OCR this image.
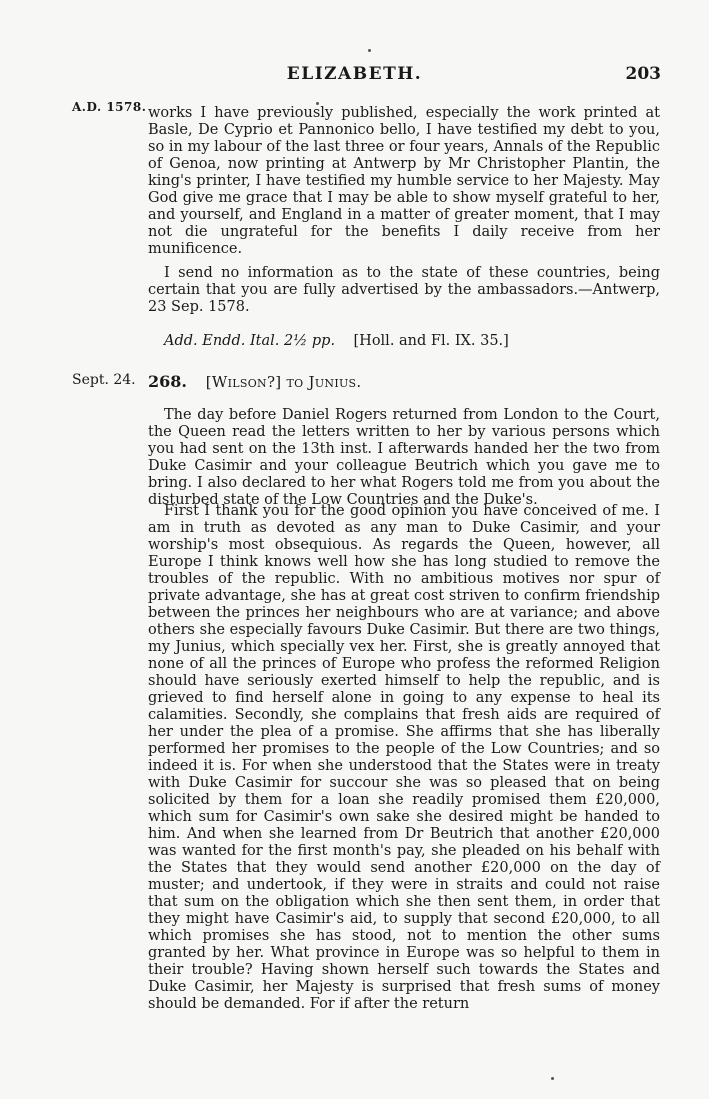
ELIZABETH.	203
A.D. 1578. works I have previously published, especially the work printed at Basle, De Cyprio et Pannonico bello, I have testified my debt to you, so in my labour of the last three or four years, Annals of the Republic of Genoa, now printing at Antwerp by Mr Christopher Plantin, the king's printer, I have testified my humble service to her Majesty. May God give me grace that I may be able to show myself grateful to her, and yourself, and England in a matter of greater moment, that I may not die ungrateful for the benefits I daily receive from her munificence.
I send no information as to the state of these countries, being certain that you are fully advertised by the ambassadors.—Antwerp, 23 Sep. 1578.
Add. Endd. Ital. 2½ pp. [Holl. and Fl. IX. 35.]
Sept. 24. 268. [Wilson?] to Junius.
The day before Daniel Rogers returned from London to the Court, the Queen read the letters written to her by various persons which you had sent on the 13th inst. I afterwards handed her the two from Duke Casimir and your colleague Beutrich which you gave me to bring. I also declared to her what Rogers told me from you about the disturbed state of the Low Countries and the Duke's.
First I thank you for the good opinion you have conceived of me. I am in truth as devoted as any man to Duke Casimir, and your worship's most obsequious. As regards the Queen, however, all Europe I think knows well how she has long studied to remove the troubles of the republic. With no ambitious motives nor spur of private advantage, she has at great cost striven to confirm friendship between the princes her neighbours who are at variance; and above others she especially favours Duke Casimir. But there are two things, my Junius, which specially vex her. First, she is greatly annoyed that none of all the princes of Europe who profess the reformed Religion should have seriously exerted himself to help the republic, and is grieved to find herself alone in going to any expense to heal its calamities. Secondly, she complains that fresh aids are required of her under the plea of a promise. She affirms that she has liberally performed her promises to the people of the Low Countries; and so indeed it is. For when she understood that the States were in treaty with Duke Casimir for succour she was so pleased that on being solicited by them for a loan she readily promised them £20,000, which sum for Casimir's own sake she desired might be handed to him. And when she learned from Dr Beutrich that another £20,000 was wanted for the first month's pay, she pleaded on his behalf with the States that they would send another £20,000 on the day of muster; and undertook, if they were in straits and could not raise that sum on the obligation which she then sent them, in order that they might have Casimir's aid, to supply that second £20,000, to all which promises she has stood, not to mention the other sums granted by her. What province in Europe was so helpful to them in their trouble? Having shown herself such towards the States and Duke Casimir, her Majesty is surprised that fresh sums of money should be demanded. For if after the return
